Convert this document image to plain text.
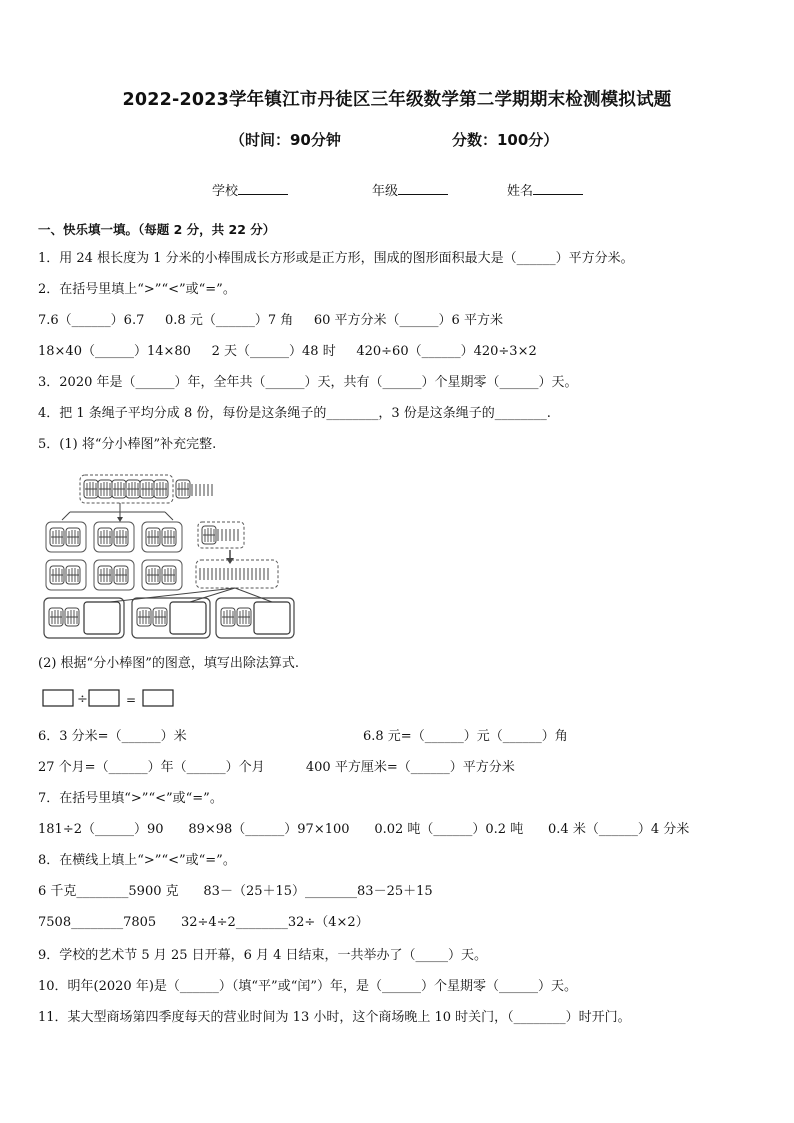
2022-2023学年镇江市丹徒区三年级数学第二学期期末检测模拟试题
（时间：90分钟	分数：100分）
学校	年级	姓名
一、快乐填一填。（每题 2 分，共 22 分）
1．用 24 根长度为 1 分米的小棒围成长方形或是正方形，围成的图形面积最大是（______）平方分米。
2．在括号里填上“>”“<”或“=”。
7.6（______）6.7     0.8 元（______）7 角     60 平方分米（______）6 平方米
18×40（______）14×80     2 天（______）48 时     420÷60（______）420÷3×2
3．2020 年是（______）年，全年共（______）天，共有（______）个星期零（______）天。
4．把 1 条绳子平均分成 8 份，每份是这条绳子的________，3 份是这条绳子的________.
5．(1) 将“分小棒图”补充完整.
(2) 根据“分小棒图”的图意，填写出除法算式.
÷	=
6．3 分米=（______）米	6.8 元=（______）元（______）角
27 个月=（______）年（______）个月          400 平方厘米=（______）平方分米
7．在括号里填“>”“<”或“=”。
181÷2（______）90      89×98（______）97×100      0.02 吨（______）0.2 吨      0.4 米（______）4 分米
8．在横线上填上“>”“<”或“=”。
6 千克________5900 克      83－（25＋15）________83－25＋15
7508________7805      32÷4÷2________32÷（4×2）
9．学校的艺术节 5 月 25 日开幕，6 月 4 日结束，一共举办了（_____）天。
10．明年(2020 年)是（______）（填“平”或“闰”）年，是（______）个星期零（______）天。
11．某大型商场第四季度每天的营业时间为 13 小时，这个商场晚上 10 时关门，（________）时开门。
